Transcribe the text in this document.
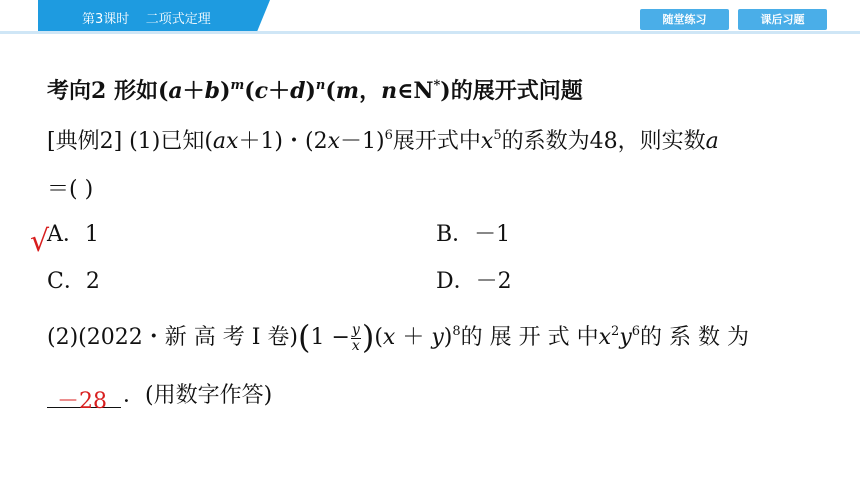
第3课时    二项式定理	随堂练习	课后习题
考向2 形如$(a+b)^m(c+d)^n(m$，n∈N*)的展开式问题
[典例2] (1)已知(ax＋1)・$(2x-1)^6$展开式中$x^5$的系数为48，则实数a
＝( )
√
A．1	B．－1
C．2	D．－2
(2)(2022・新 高 考 Ⅰ 卷)$(1 - \frac{y}{x} )(x + y)^8$的 展 开 式 中$x^2y^6$的 系 数 为
－28 ．(用数字作答)
